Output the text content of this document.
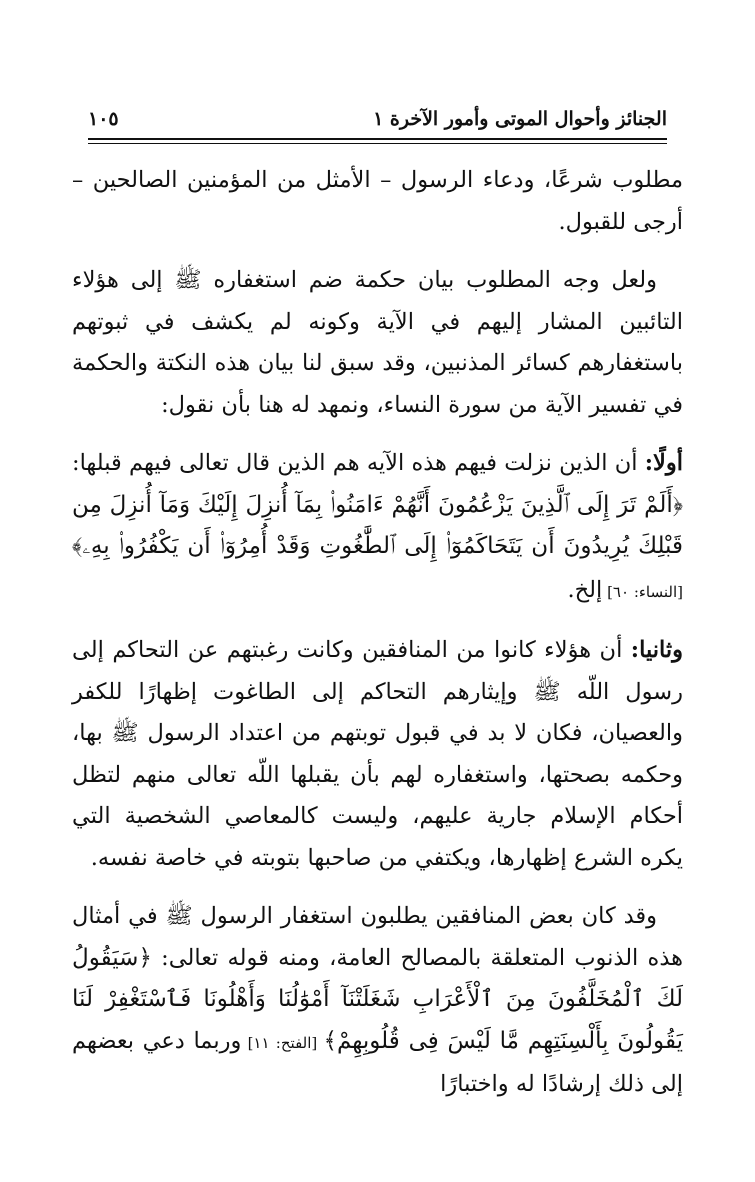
الجنائز وأحوال الموتى وأمور الآخرة ١
١٠٥

مطلوب شرعًا، ودعاء الرسول – الأمثل من المؤمنين الصالحين – أرجى للقبول.

ولعل وجه المطلوب بيان حكمة ضم استغفاره ﷺ إلى هؤلاء التائبين المشار إليهم في الآية وكونه لم يكشف في ثبوتهم باستغفارهم كسائر المذنبين، وقد سبق لنا بيان هذه النكتة والحكمة في تفسير الآية من سورة النساء، ونمهد له هنا بأن نقول:

أولًا: أن الذين نزلت فيهم هذه الآيه هم الذين قال تعالى فيهم قبلها: ﴿أَلَمْ تَرَ إِلَى ٱلَّذِينَ يَزْعُمُونَ أَنَّهُمْ ءَامَنُوا۟ بِمَآ أُنزِلَ إِلَيْكَ وَمَآ أُنزِلَ مِن قَبْلِكَ يُرِيدُونَ أَن يَتَحَاكَمُوٓا۟ إِلَى ٱلطَّٰغُوتِ وَقَدْ أُمِرُوٓا۟ أَن يَكْفُرُوا۟ بِهِۦ﴾ [النساء: ٦٠] إلخ.

وثانيا: أن هؤلاء كانوا من المنافقين وكانت رغبتهم عن التحاكم إلى رسول اللّه ﷺ وإيثارهم التحاكم إلى الطاغوت إظهارًا للكفر والعصيان، فكان لا بد في قبول توبتهم من اعتداد الرسول ﷺ بها، وحكمه بصحتها، واستغفاره لهم بأن يقبلها اللّه تعالى منهم لتظل أحكام الإسلام جارية عليهم، وليست كالمعاصي الشخصية التي يكره الشرع إظهارها، ويكتفي من صاحبها بتوبته في خاصة نفسه.

وقد كان بعض المنافقين يطلبون استغفار الرسول ﷺ في أمثال هذه الذنوب المتعلقة بالمصالح العامة، ومنه قوله تعالى: ﴿سَيَقُولُ لَكَ ٱلْمُخَلَّفُونَ مِنَ ٱلْأَعْرَابِ شَغَلَتْنَآ أَمْوَٰلُنَا وَأَهْلُونَا فَٱسْتَغْفِرْ لَنَا يَقُولُونَ بِأَلْسِنَتِهِم مَّا لَيْسَ فِى قُلُوبِهِمْ﴾ [الفتح: ١١] وربما دعي بعضهم إلى ذلك إرشادًا له واختبارًا
